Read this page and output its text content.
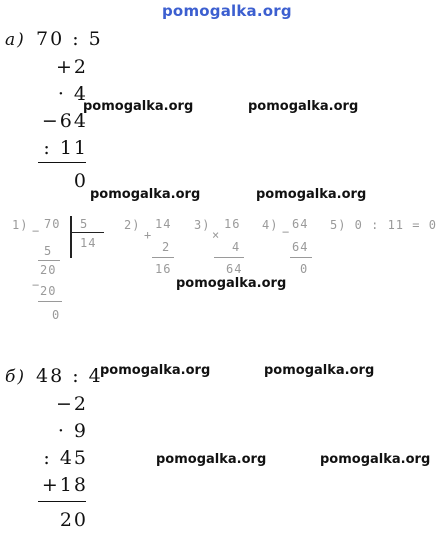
pomogalka.org
а) 70 : 5
+2
· 4
−64
: 11
0
pomogalka.org	pomogalka.org
pomogalka.org	pomogalka.org
1) − 70 5
14
5
20
− 20
0
2)
+
14
2
16
3)
×
16
4
64
4) −
64
64
0
5) 0 : 11 = 0
pomogalka.org
б) 48 : 4
−2
· 9
: 45
+18
20
pomogalka.org	pomogalka.org
pomogalka.org	pomogalka.org
